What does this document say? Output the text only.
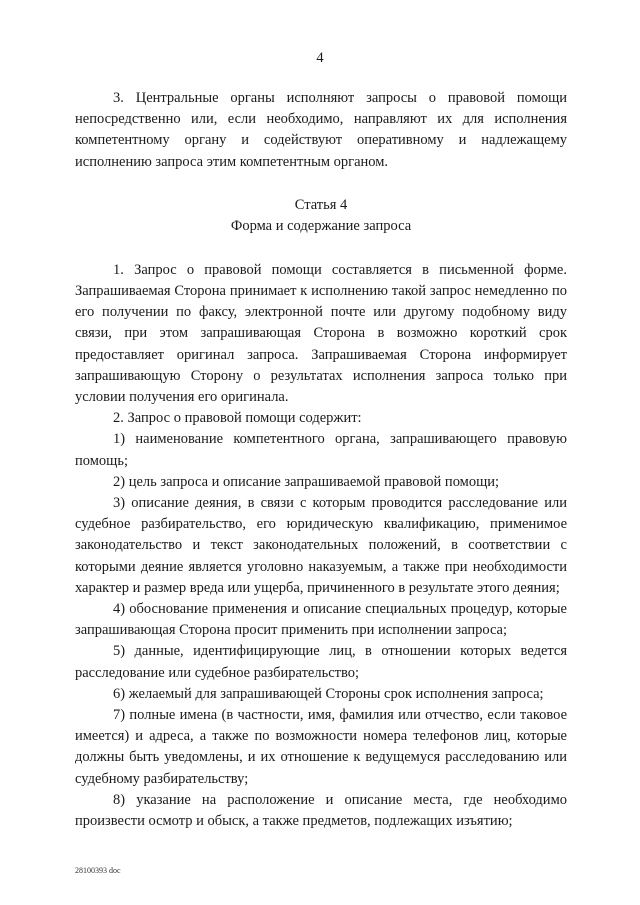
4

3. Центральные органы исполняют запросы о правовой помощи непосредственно или, если необходимо, направляют их для исполнения компетентному органу и содействуют оперативному и надлежащему исполнению запроса этим компетентным органом.

Статья 4
Форма и содержание запроса

1. Запрос о правовой помощи составляется в письменной форме. Запрашиваемая Сторона принимает к исполнению такой запрос немедленно по его получении по факсу, электронной почте или другому подобному виду связи, при этом запрашивающая Сторона в возможно короткий срок предоставляет оригинал запроса. Запрашиваемая Сторона информирует запрашивающую Сторону о результатах исполнения запроса только при условии получения его оригинала.

2. Запрос о правовой помощи содержит:

1) наименование компетентного органа, запрашивающего правовую помощь;

2) цель запроса и описание запрашиваемой правовой помощи;

3) описание деяния, в связи с которым проводится расследование или судебное разбирательство, его юридическую квалификацию, применимое законодательство и текст законодательных положений, в соответствии с которыми деяние является уголовно наказуемым, а также при необходимости характер и размер вреда или ущерба, причиненного в результате этого деяния;

4) обоснование применения и описание специальных процедур, которые запрашивающая Сторона просит применить при исполнении запроса;

5) данные, идентифицирующие лиц, в отношении которых ведется расследование или судебное разбирательство;

6) желаемый для запрашивающей Стороны срок исполнения запроса;

7) полные имена (в частности, имя, фамилия или отчество, если таковое имеется) и адреса, а также по возможности номера телефонов лиц, которые должны быть уведомлены, и их отношение к ведущемуся расследованию или судебному разбирательству;

8) указание на расположение и описание места, где необходимо произвести осмотр и обыск, а также предметов, подлежащих изъятию;

28100393 doc
